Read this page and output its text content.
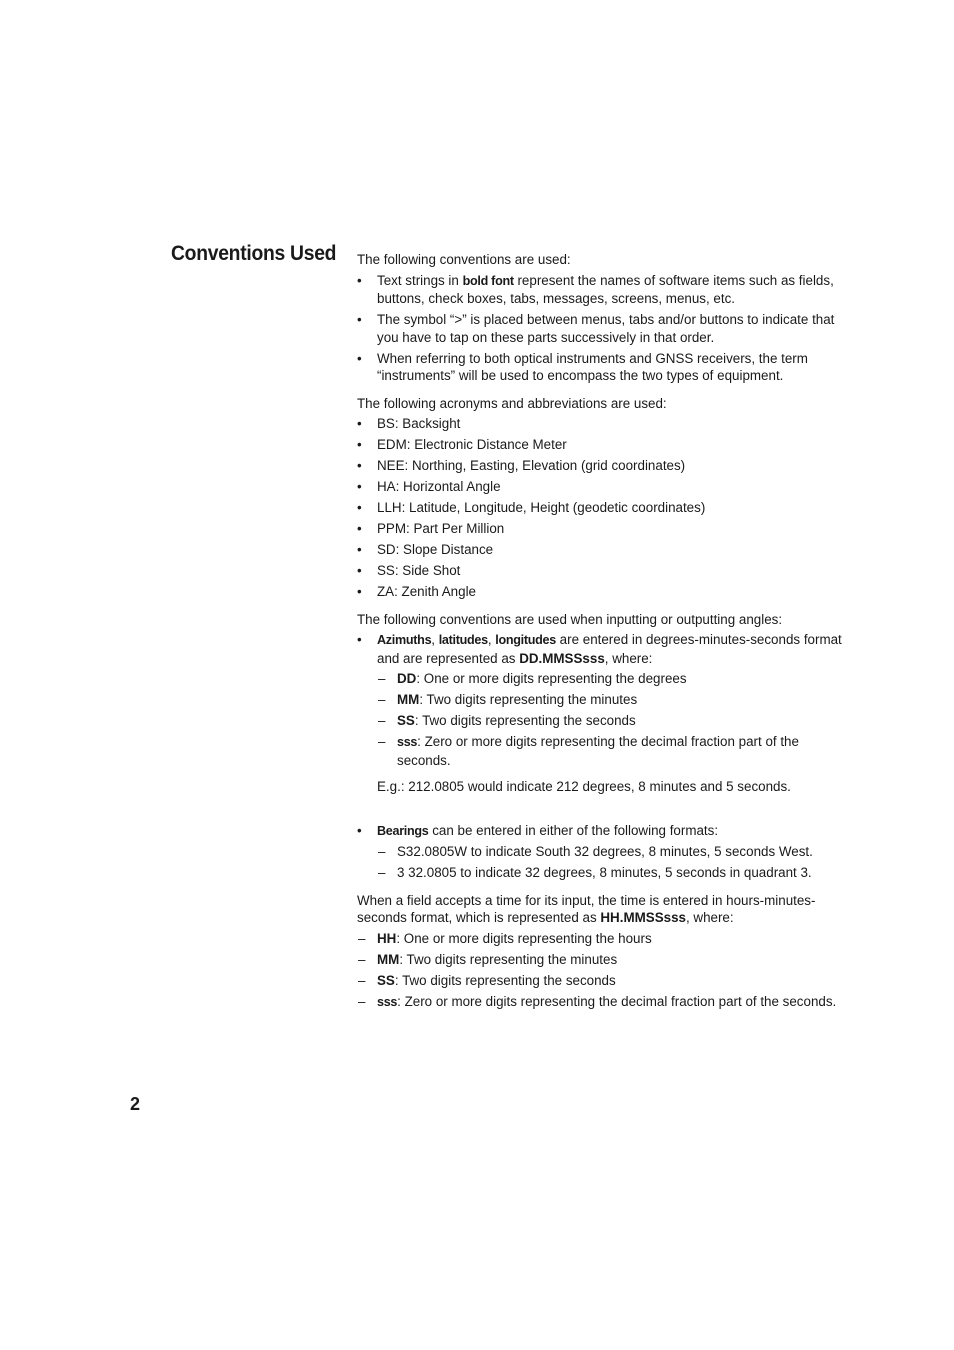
Conventions Used The following conventions are used:

• Text strings in bold font represent the names of software items such as fields, buttons, check boxes, tabs, messages, screens, menus, etc.
• The symbol “>” is placed between menus, tabs and/or buttons to indicate that you have to tap on these parts successively in that order.
• When referring to both optical instruments and GNSS receivers, the term “instruments” will be used to encompass the two types of equipment.

The following acronyms and abbreviations are used:

• BS: Backsight
• EDM: Electronic Distance Meter
• NEE: Northing, Easting, Elevation (grid coordinates)
• HA: Horizontal Angle
• LLH: Latitude, Longitude, Height (geodetic coordinates)
• PPM: Part Per Million
• SD: Slope Distance
• SS: Side Shot
• ZA: Zenith Angle

The following conventions are used when inputting or outputting angles:

• Azimuths, latitudes, longitudes are entered in degrees-minutes-seconds format and are represented as DD.MMSSsss, where:
– DD: One or more digits representing the degrees
– MM: Two digits representing the minutes
– SS: Two digits representing the seconds
– sss: Zero or more digits representing the decimal fraction part of the seconds.

E.g.: 212.0805 would indicate 212 degrees, 8 minutes and 5 seconds.

• Bearings can be entered in either of the following formats:
– S32.0805W to indicate South 32 degrees, 8 minutes, 5 seconds West.
– 3 32.0805 to indicate 32 degrees, 8 minutes, 5 seconds in quadrant 3.

When a field accepts a time for its input, the time is entered in hours-minutes-seconds format, which is represented as HH.MMSSsss, where:

– HH: One or more digits representing the hours
– MM: Two digits representing the minutes
– SS: Two digits representing the seconds
– sss: Zero or more digits representing the decimal fraction part of the seconds.
2
